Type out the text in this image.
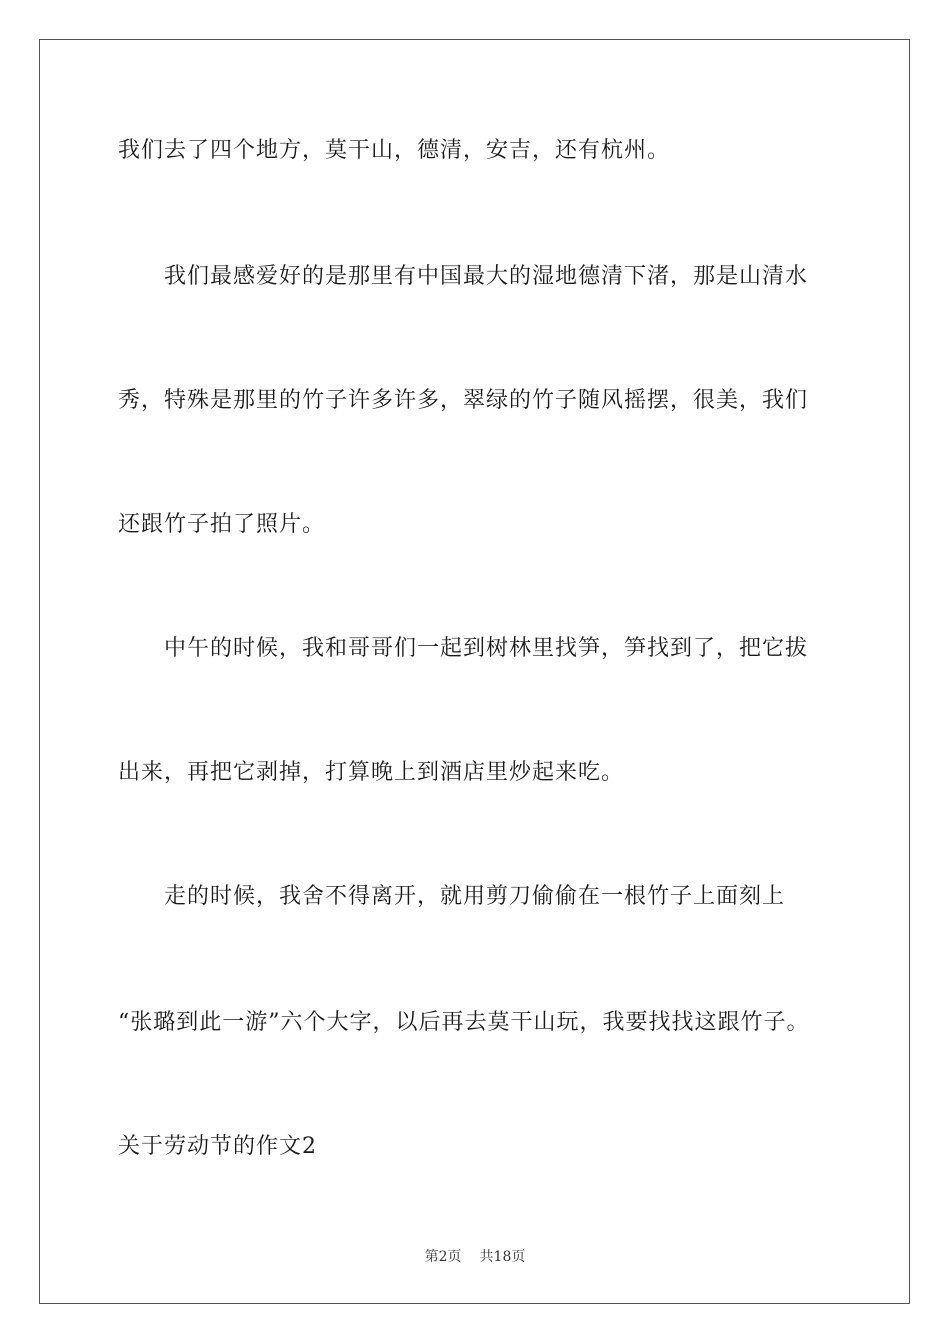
我们去了四个地方，莫干山，德清，安吉，还有杭州。
　　我们最感爱好的是那里有中国最大的湿地德清下渚，那是山清水
秀，特殊是那里的竹子许多许多，翠绿的竹子随风摇摆，很美，我们
还跟竹子拍了照片。
　　中午的时候，我和哥哥们一起到树林里找笋，笋找到了，把它拔
出来，再把它剥掉，打算晚上到酒店里炒起来吃。
　　走的时候，我舍不得离开，就用剪刀偷偷在一根竹子上面刻上
“张璐到此一游”六个大字，以后再去莫干山玩，我要找找这跟竹子。
关于劳动节的作文2
第2页 共18页
